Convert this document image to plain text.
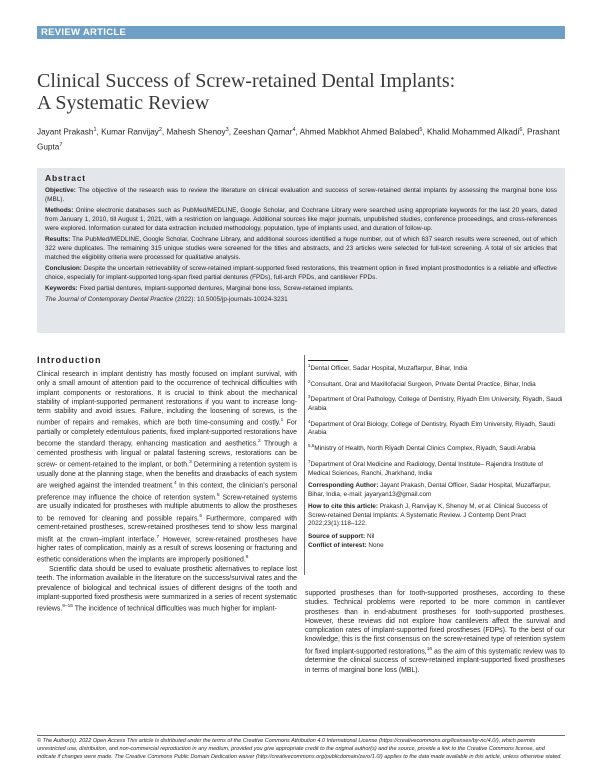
REVIEW ARTICLE
Clinical Success of Screw-retained Dental Implants:
A Systematic Review
Jayant Prakash$^1$, Kumar Ranvijay$^2$, Mahesh Shenoy$^3$, Zeeshan Qamar$^4$, Ahmed Mabkhot Ahmed Balabed$^5$, Khalid Mohammed Alkadi$^6$, Prashant Gupta$^7$
Abstract

Objective: The objective of the research was to review the literature on clinical evaluation and success of screw-retained dental implants by assessing the marginal bone loss (MBL).

Methods: Online electronic databases such as PubMed/MEDLINE, Google Scholar, and Cochrane Library were searched using appropriate keywords for the last 20 years, dated from January 1, 2010, till August 1, 2021, with a restriction on language. Additional sources like major journals, unpublished studies, conference proceedings, and cross-references were explored. Information curated for data extraction included methodology, population, type of implants used, and duration of follow-up.

Results: The PubMed/MEDLINE, Google Scholar, Cochrane Library, and additional sources identified a huge number, out of which 637 search results were screened, out of which 322 were duplicates. The remaining 315 unique studies were screened for the titles and abstracts, and 23 articles were selected for full-text screening. A total of six articles that matched the eligibility criteria were processed for qualitative analysis.

Conclusion: Despite the uncertain retrievability of screw-retained implant-supported fixed restorations, this treatment option in fixed implant prosthodontics is a reliable and effective choice, especially for implant-supported long-span fixed partial dentures (FPDs), full-arch FPDs, and cantilever FPDs.

Keywords: Fixed partial dentures, Implant-supported dentures, Marginal bone loss, Screw-retained implants.

The Journal of Contemporary Dental Practice (2022): 10.5005/jp-journals-10024-3231

Introduction

Clinical research in implant dentistry has mostly focused on implant survival, with only a small amount of attention paid to the occurrence of technical difficulties with implant components or restorations. It is crucial to think about the mechanical stability of implant-supported permanent restorations if you want to increase long-term stability and avoid issues. Failure, including the loosening of screws, is the number of repairs and remakes, which are both time-consuming and costly.$^1$ For partially or completely edentulous patients, fixed implant-supported restorations have become the standard therapy, enhancing mastication and aesthetics.$^2$ Through a cemented prosthesis with lingual or palatal fastening screws, restorations can be screw- or cement-retained to the implant, or both.$^3$ Determining a retention system is usually done at the planning stage, when the benefits and drawbacks of each system are weighed against the intended treatment.$^4$ In this context, the clinician's personal preference may influence the choice of retention system.$^5$ Screw-retained systems are usually indicated for prostheses with multiple abutments to allow the prostheses to be removed for cleaning and possible repairs.$^6$ Furthermore, compared with cement-retained prostheses, screw-retained prostheses tend to show less marginal misfit at the crown–implant interface.$^7$ However, screw-retained prostheses have higher rates of complication, mainly as a result of screws loosening or fracturing and esthetic considerations when the implants are improperly positioned.$^8$

Scientific data should be used to evaluate prosthetic alternatives to replace lost teeth. The information available in the literature on the success/survival rates and the prevalence of biological and technical issues of different designs of the tooth and implant-supported fixed prosthesis were summarized in a series of recent systematic reviews.$^{9-15}$ The incidence of technical difficulties was much higher for implant-

$^1$Dental Officer, Sadar Hospital, Muzaffarpur, Bihar, India
$^2$Consultant, Oral and Maxillofacial Surgeon, Private Dental Practice, Bihar, India
$^3$Department of Oral Pathology, College of Dentistry, Riyadh Elm University, Riyadh, Saudi Arabia
$^4$Department of Oral Biology, College of Dentistry, Riyadh Elm University, Riyadh, Saudi Arabia
$^{5,6}$Ministry of Health, North Riyadh Dental Clinics Complex, Riyadh, Saudi Arabia
$^7$Department of Oral Medicine and Radiology, Dental Institute– Rajendra Institute of Medical Sciences, Ranchi, Jharkhand, India
Corresponding Author: Jayant Prakash, Dental Officer, Sadar Hospital, Muzaffarpur, Bihar, India, e-mail: jayaryan13@gmail.com
How to cite this article: Prakash J, Ranvijay K, Shenoy M, et al. Clinical Success of Screw-retained Dental Implants: A Systematic Review. J Contemp Dent Pract 2022;23(1):118–122.
Source of support: Nil
Conflict of interest: None

supported prostheses than for tooth-supported prostheses, according to these studies. Technical problems were reported to be more common in cantilever prostheses than in end-abutment prostheses for tooth-supported prostheses. However, these reviews did not explore how cantilevers affect the survival and complication rates of implant-supported fixed prostheses (FDPs). To the best of our knowledge, this is the first consensus on the screw-retained type of retention system for fixed implant-supported restorations,$^{16}$ as the aim of this systematic review was to determine the clinical success of screw-retained implant-supported fixed prostheses in terms of marginal bone loss (MBL).

© The Author(s). 2022 Open Access This article is distributed under the terms of the Creative Commons Attribution 4.0 International License (https://creativecommons.org/licenses/by-nc/4.0/), which permits unrestricted use, distribution, and non-commercial reproduction in any medium, provided you give appropriate credit to the original author(s) and the source, provide a link to the Creative Commons license, and indicate if changes were made. The Creative Commons Public Domain Dedication waiver (http://creativecommons.org/publicdomain/zero/1.0/) applies to the data made available in this article, unless otherwise stated.
